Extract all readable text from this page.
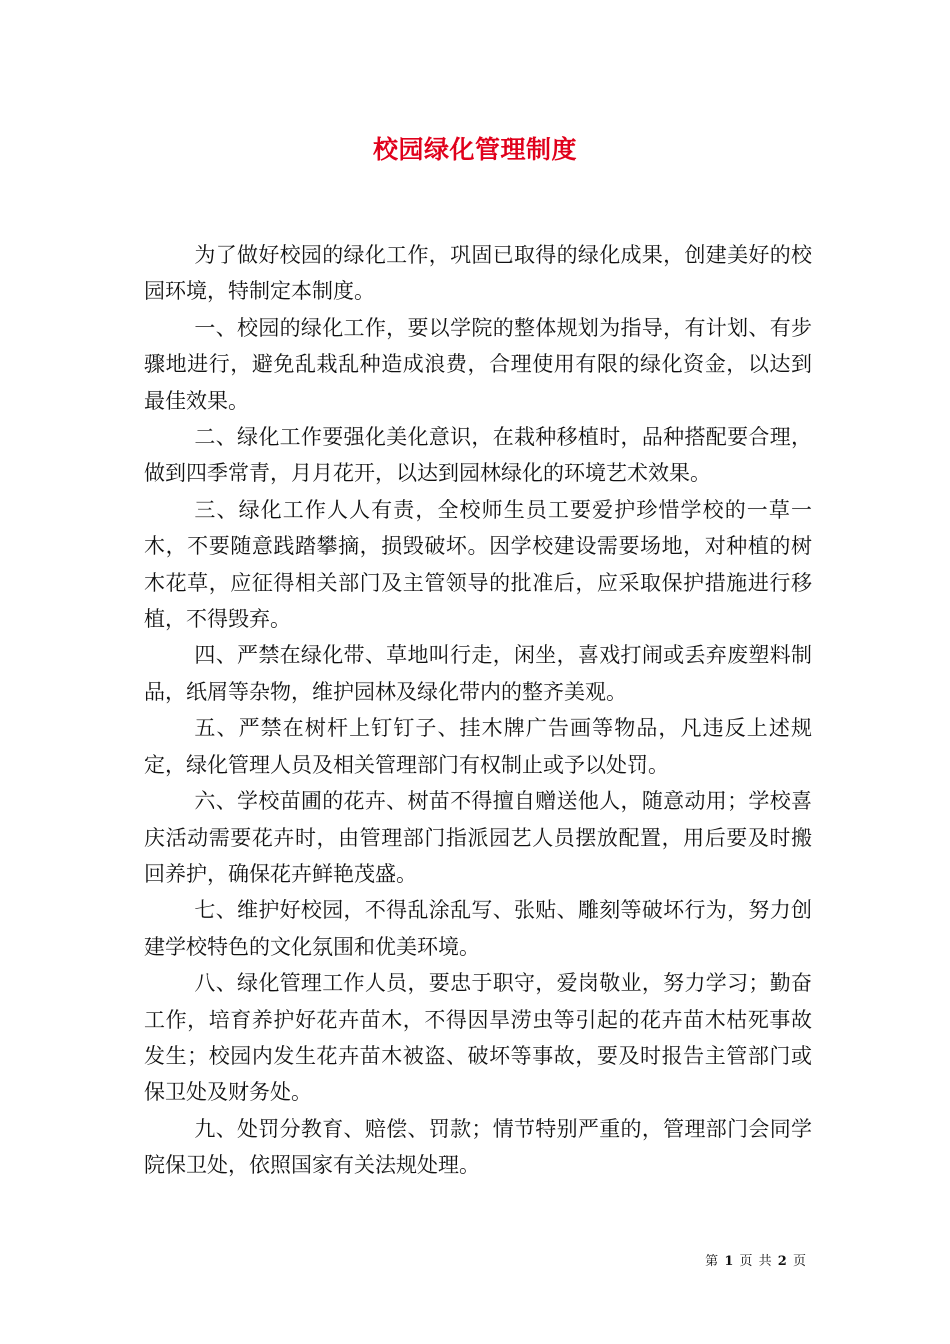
校园绿化管理制度

为了做好校园的绿化工作，巩固已取得的绿化成果，创建美好的校园环境，特制定本制度。

一、校园的绿化工作，要以学院的整体规划为指导，有计划、有步骤地进行，避免乱栽乱种造成浪费，合理使用有限的绿化资金，以达到最佳效果。

二、绿化工作要强化美化意识，在栽种移植时，品种搭配要合理，做到四季常青，月月花开，以达到园林绿化的环境艺术效果。

三、绿化工作人人有责，全校师生员工要爱护珍惜学校的一草一木，不要随意践踏攀摘，损毁破坏。因学校建设需要场地，对种植的树木花草，应征得相关部门及主管领导的批准后，应采取保护措施进行移植，不得毁弃。

四、严禁在绿化带、草地叫行走，闲坐，喜戏打闹或丢弃废塑料制品，纸屑等杂物，维护园林及绿化带内的整齐美观。

五、严禁在树杆上钉钉子、挂木牌广告画等物品，凡违反上述规定，绿化管理人员及相关管理部门有权制止或予以处罚。

六、学校苗圃的花卉、树苗不得擅自赠送他人，随意动用；学校喜庆活动需要花卉时，由管理部门指派园艺人员摆放配置，用后要及时搬回养护，确保花卉鲜艳茂盛。

七、维护好校园，不得乱涂乱写、张贴、雕刻等破坏行为，努力创建学校特色的文化氛围和优美环境。

八、绿化管理工作人员，要忠于职守，爱岗敬业，努力学习；勤奋工作，培育养护好花卉苗木，不得因旱涝虫等引起的花卉苗木枯死事故发生；校园内发生花卉苗木被盗、破坏等事故，要及时报告主管部门或保卫处及财务处。

九、处罚分教育、赔偿、罚款；情节特别严重的，管理部门会同学院保卫处，依照国家有关法规处理。

第 1 页 共 2 页
